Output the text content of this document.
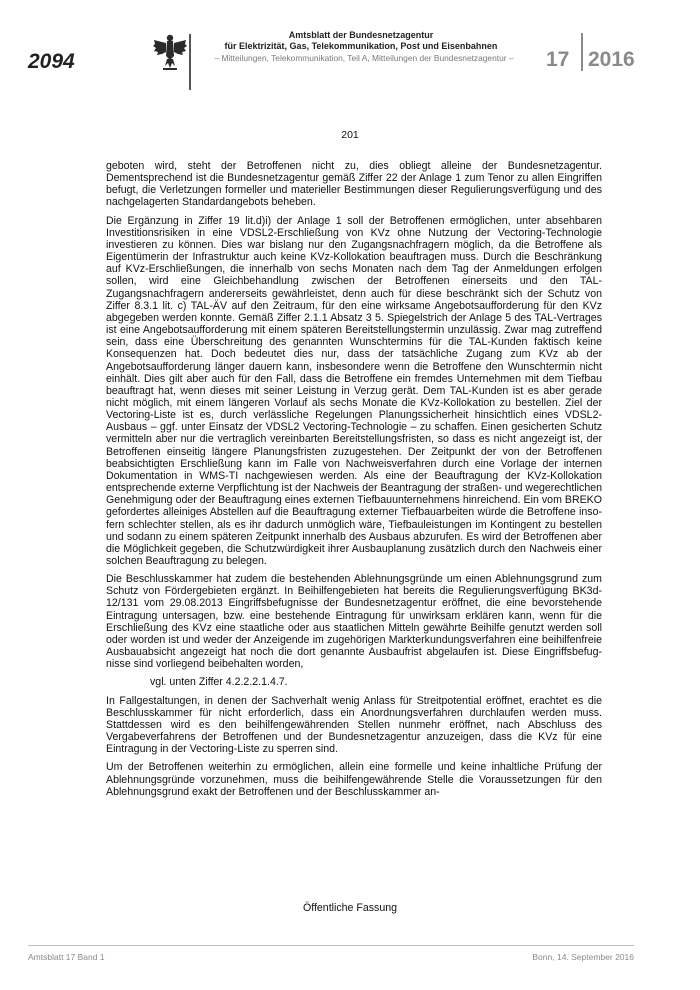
2094
Amtsblatt der Bundesnetzagentur
für Elektrizität, Gas, Telekommunikation, Post und Eisenbahnen
– Mitteilungen, Telekommunikation, Teil A, Mitteilungen der Bundesnetzagentur –	17 2016
201

geboten wird, steht der Betroffenen nicht zu, dies obliegt alleine der Bundesnetzagentur. Dementsprechend ist die Bundesnetzagentur gemäß Ziffer 22 der Anlage 1 zum Tenor zu allen Eingriffen befugt, die Verletzungen formeller und materieller Bestimmungen dieser Regulierungsverfügung und des nachgelagerten Standardangebots beheben.

Die Ergänzung in Ziffer 19 lit.d)i) der Anlage 1 soll der Betroffenen ermöglichen, unter absehbaren Investitionsrisiken in eine VDSL2-Erschließung von KVz ohne Nutzung der Vectoring-Technologie investieren zu können. Dies war bislang nur den Zugangsnachfragern möglich, da die Betroffene als Eigentümerin der Infrastruktur auch keine KVz-Kollokation beauftragen muss. Durch die Beschränkung auf KVz-Erschließungen, die innerhalb von sechs Monaten nach dem Tag der Anmeldungen erfolgen sollen, wird eine Gleichbehandlung zwischen der Betroffenen einerseits und den TAL-Zugangsnachfragern andererseits gewährleistet, denn auch für diese beschränkt sich der Schutz von Ziffer 8.3.1 lit. c) TAL-ÄV auf den Zeitraum, für den eine wirksame Angebotsaufforderung für den KVz abgegeben werden konnte. Gemäß Ziffer 2.1.1 Absatz 3 5. Spiegelstrich der Anlage 5 des TAL-Vertrages ist eine Angebotsaufforderung mit einem späteren Bereitstellungstermin unzulässig. Zwar mag zutreffend sein, dass eine Überschreitung des genannten Wunschtermins für die TAL-Kunden faktisch keine Konsequenzen hat. Doch bedeutet dies nur, dass der tatsächliche Zugang zum KVz ab der Angebotsaufforderung länger dauern kann, insbesondere wenn die Betroffene den Wunschtermin nicht einhält. Dies gilt aber auch für den Fall, dass die Betroffene ein fremdes Unternehmen mit dem Tiefbau beauftragt hat, wenn dieses mit seiner Leistung in Verzug gerät. Dem TAL-Kunden ist es aber gerade nicht möglich, mit einem längeren Vorlauf als sechs Monate die KVz-Kollokation zu bestellen. Ziel der Vectoring-Liste ist es, durch verlässliche Regelungen Planungssicherheit hinsichtlich eines VDSL2-Ausbaus – ggf. unter Einsatz der VDSL2 Vectoring-Technologie – zu schaffen. Einen gesicherten Schutz vermitteln aber nur die vertraglich vereinbarten Bereitstellungsfristen, so dass es nicht angezeigt ist, der Betroffenen einseitig längere Planungsfristen zuzugestehen. Der Zeitpunkt der von der Betroffenen beabsichtigten Erschließung kann im Falle von Nachweisverfahren durch eine Vorlage der internen Dokumentation in WMS-TI nachgewiesen werden. Als eine der Beauftragung der KVz-Kollokation entsprechende externe Verpflichtung ist der Nachweis der Beantragung der straßen- und wegerechtlichen Genehmigung oder der Beauftragung eines externen Tiefbauunternehmens hinreichend. Ein vom BREKO gefordertes alleiniges Abstellen auf die Beauftragung externer Tiefbauarbeiten würde die Betroffene insofern schlechter stellen, als es ihr dadurch unmöglich wäre, Tiefbauleistungen im Kontingent zu bestellen und sodann zu einem späteren Zeitpunkt innerhalb des Ausbaus abzurufen. Es wird der Betroffenen aber die Möglichkeit gegeben, die Schutzwürdigkeit ihrer Ausbauplanung zusätzlich durch den Nachweis einer solchen Beauftragung zu belegen.

Die Beschlusskammer hat zudem die bestehenden Ablehnungsgründe um einen Ablehnungsgrund zum Schutz von Fördergebieten ergänzt. In Beihilfengebieten hat bereits die Regulierungsverfügung BK3d-12/131 vom 29.08.2013 Eingriffsbefugnisse der Bundesnetzagentur eröffnet, die eine bevorstehende Eintragung untersagen, bzw. eine bestehende Eintragung für unwirksam erklären kann, wenn für die Erschließung des KVz eine staatliche oder aus staatlichen Mitteln gewährte Beihilfe genutzt werden soll oder worden ist und weder der Anzeigende im zugehörigen Markterkundungsverfahren eine beihilfenfreie Ausbauabsicht angezeigt hat noch die dort genannte Ausbaufrist abgelaufen ist. Diese Eingriffsbefugnisse sind vorliegend beibehalten worden,

vgl. unten Ziffer 4.2.2.2.1.4.7.

In Fallgestaltungen, in denen der Sachverhalt wenig Anlass für Streitpotential eröffnet, erachtet es die Beschlusskammer für nicht erforderlich, dass ein Anordnungsverfahren durchlaufen werden muss. Stattdessen wird es den beihilfengewährenden Stellen nunmehr eröffnet, nach Abschluss des Vergabeverfahrens der Betroffenen und der Bundesnetzagentur anzuzeigen, dass die KVz für eine Eintragung in der Vectoring-Liste zu sperren sind.

Um der Betroffenen weiterhin zu ermöglichen, allein eine formelle und keine inhaltliche Prüfung der Ablehnungsgründe vorzunehmen, muss die beihilfengewährende Stelle die Voraussetzungen für den Ablehnungsgrund exakt der Betroffenen und der Beschlusskammer an-

Öffentliche Fassung
Amtsblatt 17 Band 1	Bonn, 14. September 2016
